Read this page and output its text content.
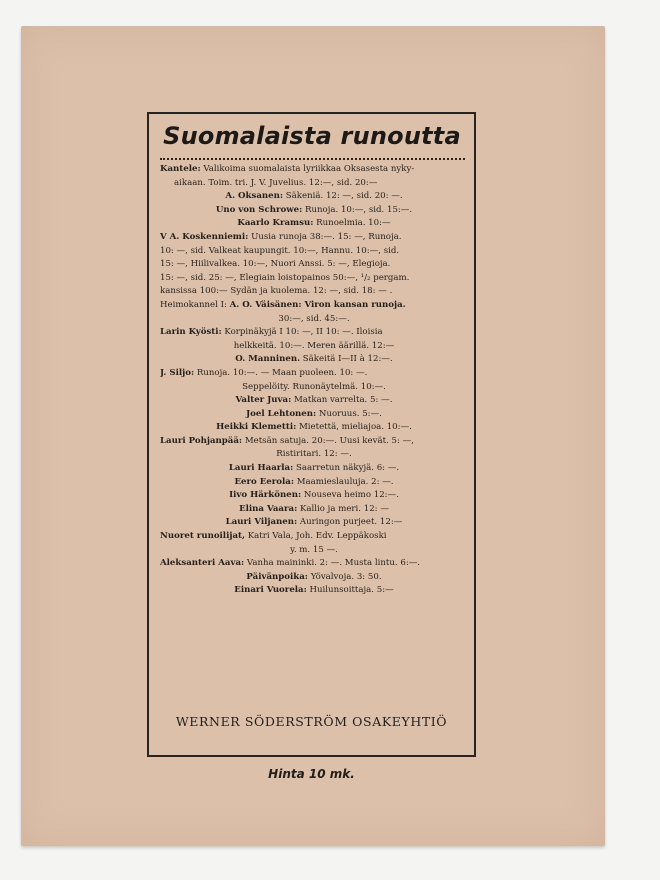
Suomalaista runoutta
Kantele: Valikoima suomalaista lyriikkaa Oksasesta nyky-
aikaan. Toim. tri. J. V. Juvelius. 12:—, sid. 20:—
A. Oksanen: Säkeniä. 12: —, sid. 20: —.
Uno von Schrowe: Runoja. 10:—, sid. 15:—.
Kaarlo Kramsu: Runoelmia. 10:—
V A. Koskenniemi: Uusia runoja 38:—. 15: —, Runoja.
10: —, sid. Valkeat kaupungit. 10:—, Hannu. 10:—, sid.
15: —, Hiilivalkea. 10:—, Nuori Anssi. 5: —, Elegioja.
15: —, sid. 25: —, Elegiain loistopainos 50:—, ¹/₂ pergam.
kansissa 100:— Sydän ja kuolema. 12: —, sid. 18: — .
Heimokannel I: A. O. Väisänen: Viron kansan runoja.
30:—, sid. 45:—.
Larin Kyösti: Korpinäkyjä I 10: —, II 10: —. Iloisia
helkkeitä. 10:—. Meren äärillä. 12:—
O. Manninen. Säkeitä I—II à 12:—.
J. Siljo: Runoja. 10:—. — Maan puoleen. 10: —.
Seppelöity. Runonäytelmä. 10:—.
Valter Juva: Matkan varrelta. 5: —.
Joel Lehtonen: Nuoruus. 5:—.
Heikki Klemetti: Mietettä, mieliajoa. 10:—.
Lauri Pohjanpää: Metsän satuja. 20:—. Uusi kevät. 5: —,
Ristiritari. 12: —.
Lauri Haarla: Saarretun näkyjä. 6: —.
Eero Eerola: Maamieslauluja. 2: —.
Iivo Härkönen: Nouseva heimo 12:—.
Elina Vaara: Kallio ja meri. 12: —
Lauri Viljanen: Auringon purjeet. 12:—
Nuoret runoilijat, Katri Vala, Joh. Edv. Leppäkoski
y. m. 15 —.
Aleksanteri Aava: Vanha maininki. 2: —. Musta lintu. 6:—.
Päivänpoika: Yövalvoja. 3: 50.
Einari Vuorela: Huilunsoittaja. 5:—
WERNER SÖDERSTRÖM OSAKEYHTIÖ
Hinta 10 mk.
